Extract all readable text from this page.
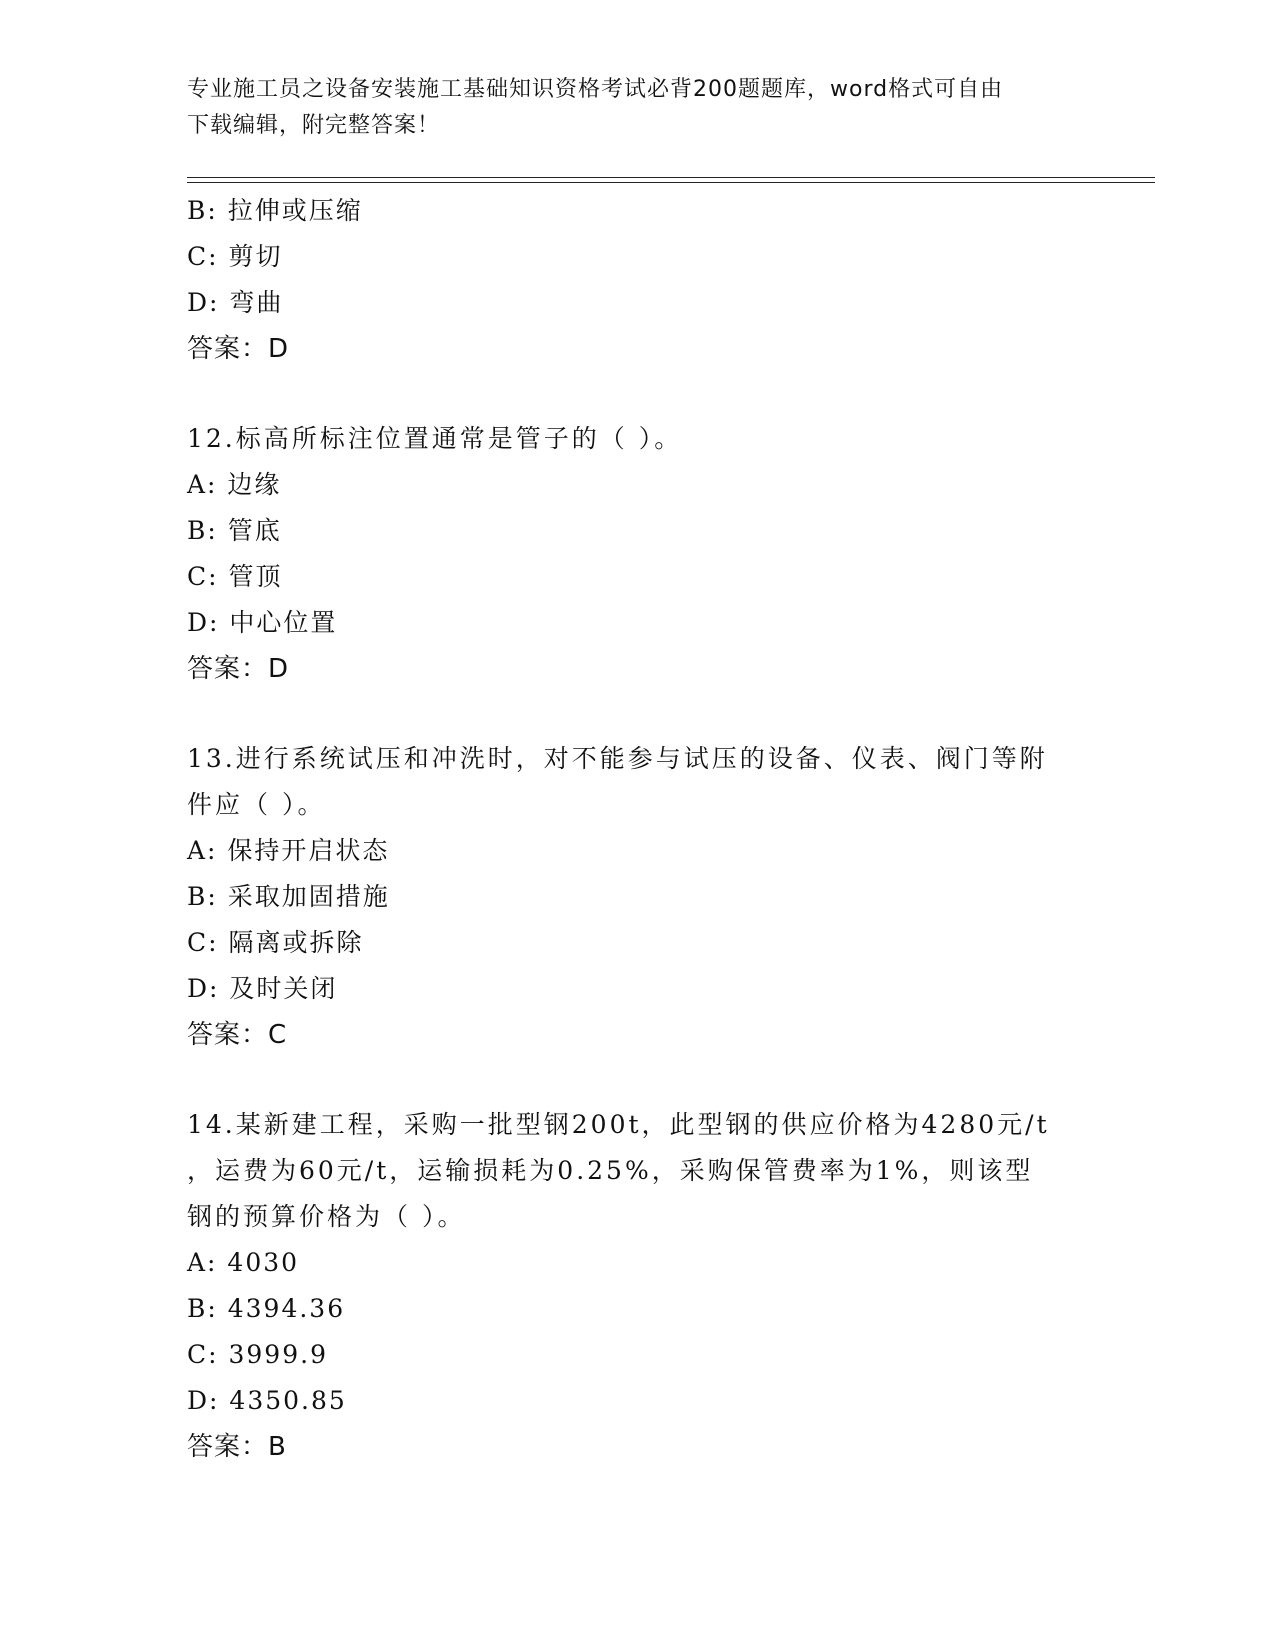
专业施工员之设备安装施工基础知识资格考试必背200题题库，word格式可自由
下载编辑，附完整答案！
B: 拉伸或压缩
C: 剪切
D: 弯曲
答案：D
12.标高所标注位置通常是管子的（ ）。
A: 边缘
B: 管底
C: 管顶
D: 中心位置
答案：D
13.进行系统试压和冲洗时，对不能参与试压的设备、仪表、阀门等附
件应（ ）。
A: 保持开启状态
B: 采取加固措施
C: 隔离或拆除
D: 及时关闭
答案：C
14.某新建工程，采购一批型钢200t，此型钢的供应价格为4280元/t
，运费为60元/t，运输损耗为0.25%，采购保管费率为1%，则该型
钢的预算价格为（ ）。
A: 4030
B: 4394.36
C: 3999.9
D: 4350.85
答案：B
